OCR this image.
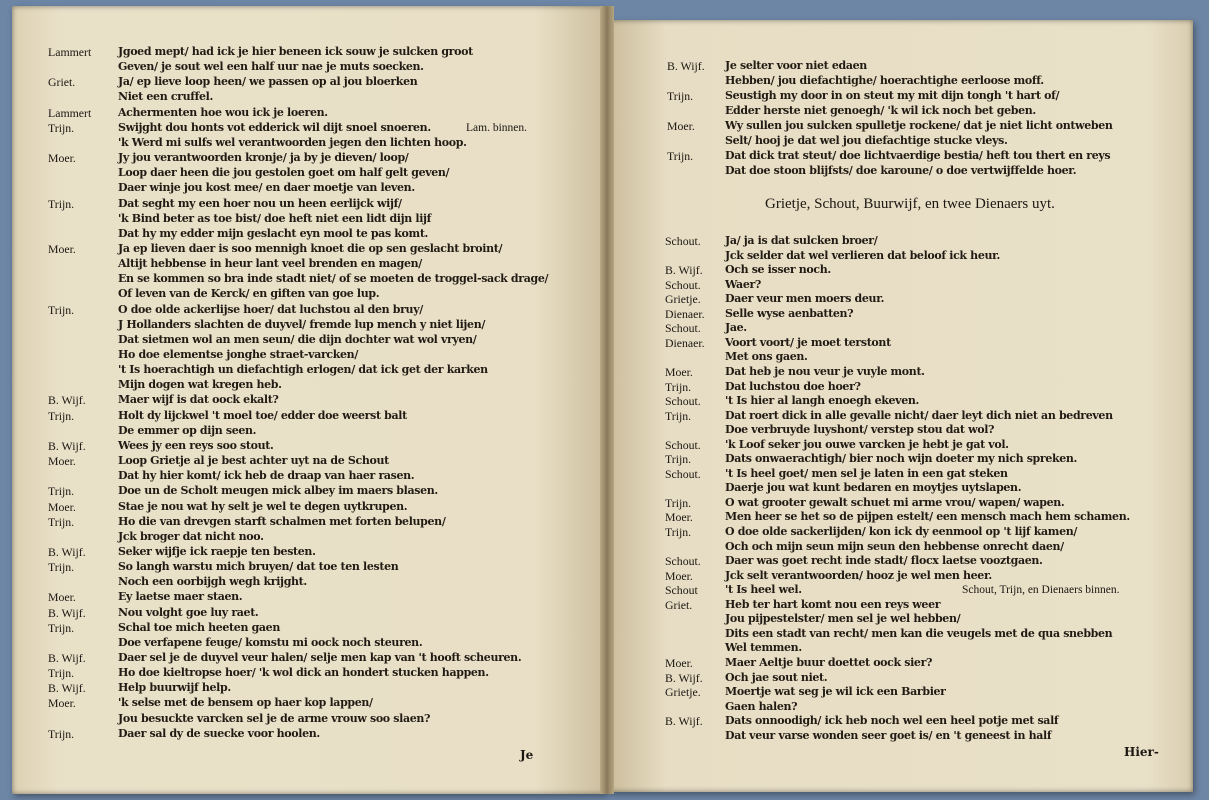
Lammert Jgoed mept/ had ick je hier beneen ick souw je sulcken groot
Geven/ je sout wel een half uur nae je muts soecken.
Griet.	Ja/ ep lieve loop heen/ we passen op al jou bloerken
Niet een cruffel.
Lammert Achermenten hoe wou ick je loeren.
Trijn.	Swijght dou honts vot edderick wil dijt snoel snoeren.	Lam. binnen.
'k Werd mi sulfs wel verantwoorden jegen den lichten hoop.
Moer.	Jy jou verantwoorden kronje/ ja by je dieven/ loop/
Loop daer heen die jou gestolen goet om half gelt geven/
Daer winje jou kost mee/ en daer moetje van leven.
Trijn.	Dat seght my een hoer nou un heen eerlijck wijf/
'k Bind beter as toe bist/ doe heft niet een lidt dijn lijf
Dat hy my edder mijn geslacht eyn mool te pas komt.
Moer.	Ja ep lieven daer is soo mennigh knoet die op sen geslacht broint/
Altijt hebbense in heur lant veel brenden en magen/
En se kommen so bra inde stadt niet/ of se moeten de troggel-sack drage/
Of leven van de Kerck/ en giften van goe lup.
Trijn.	O doe olde ackerlijse hoer/ dat luchstou al den bruy/
J Hollanders slachten de duyvel/ fremde lup mench y niet lijen/
Dat sietmen wol an men seun/ die dijn dochter wat wol vryen/
Ho doe elementse jonghe straet-varcken/
't Is hoerachtigh un diefachtigh erlogen/ dat ick get der karken
Mijn dogen wat kregen heb.
B. Wijf.	Maer wijf is dat oock ekalt?
Trijn.	Holt dy lijckwel 't moel toe/ edder doe weerst balt
De emmer op dijn seen.
B. Wijf.	Wees jy een reys soo stout.
Moer.	Loop Grietje al je best achter uyt na de Schout
Dat hy hier komt/ ick heb de draap van haer rasen.
Trijn.	Doe un de Scholt meugen mick albey im maers blasen.
Moer.	Stae je nou wat hy selt je wel te degen uytkrupen.
Trijn.	Ho die van drevgen starft schalmen met forten belupen/
Jck broger dat nicht noo.
B. Wijf.	Seker wijfje ick raepje ten besten.
Trijn.	So langh warstu mich bruyen/ dat toe ten lesten
Noch een oorbijgh wegh krijght.
Moer.	Ey laetse maer staen.
B. Wijf.	Nou volght goe luy raet.
Trijn.	Schal toe mich heeten gaen
Doe verfapene feuge/ komstu mi oock noch steuren.
B. Wijf.	Daer sel je de duyvel veur halen/ selje men kap van 't hooft scheuren.
Trijn.	Ho doe kieltropse hoer/ 'k wol dick an hondert stucken happen.
B. Wijf.	Help buurwijf help.
Moer.	'k selse met de bensem op haer kop lappen/
Jou besuckte varcken sel je de arme vrouw soo slaen?
Trijn.	Daer sal dy de suecke voor hoolen.
B. Wijf. Je selter voor niet edaen
Hebben/ jou diefachtighe/ hoerachtighe eerloose moff.
Trijn.	Seustigh my door in on steut my mit dijn tongh 't hart of/
Edder herste niet genoegh/ 'k wil ick noch bet geben.
Moer.	Wy sullen jou sulcken spulletje rockene/ dat je niet licht ontweben
Selt/ hooj je dat wel jou diefachtige stucke vleys.
Trijn.	Dat dick trat steut/ doe lichtvaerdige bestia/ heft tou thert en reys
Dat doe stoon blijfsts/ doe karoune/ o doe vertwijffelde hoer.
Grietje, Schout, Buurwijf, en twee Dienaers uyt.
Schout. Ja/ ja is dat sulcken broer/
Jck selder dat wel verlieren dat beloof ick heur.
B. Wijf. Och se isser noch.
Schout. Waer?
Grietje. Daer veur men moers deur.
Dienaer. Selle wyse aenbatten?
Schout. Jae.
Dienaer. Voort voort/ je moet terstont
Met ons gaen.
Moer.	Dat heb je nou veur je vuyle mont.
Trijn.	Dat luchstou doe hoer?
Schout. 't Is hier al langh enoegh ekeven.
Trijn.	Dat roert dick in alle gevalle nicht/ daer leyt dich niet an bedreven
Doe verbruyde luyshont/ verstep stou dat wol?
Schout. 'k Loof seker jou ouwe varcken je hebt je gat vol.
Trijn.	Dats onwaerachtigh/ bier noch wijn doeter my nich spreken.
Schout. 't Is heel goet/ men sel je laten in een gat steken
Daerje jou wat kunt bedaren en moytjes uytslapen.
Trijn.	O wat grooter gewalt schuet mi arme vrou/ wapen/ wapen.
Moer.	Men heer se het so de pijpen estelt/ een mensch mach hem schamen.
Trijn.	O doe olde sackerlijden/ kon ick dy eenmool op 't lijf kamen/
Och och mijn seun mijn seun den hebbense onrecht daen/
Schout. Daer was goet recht inde stadt/ flocx laetse vooztgaen.
Moer.	Jck selt verantwoorden/ hooz je wel men heer.
Schout 't Is heel wel.	Schout, Trijn, en Dienaers binnen.
Griet.	Heb ter hart komt nou een reys weer
Jou pijpestelster/ men sel je wel hebben/
Dits een stadt van recht/ men kan die veugels met de qua snebben
Wel temmen.
Moer.	Maer Aeltje buur doettet oock sier?
B. Wijf. Och jae sout niet.
Grietje. Moertje wat seg je wil ick een Barbier
Gaen halen?
B. Wijf. Dats onnoodigh/ ick heb noch wel een heel potje met salf
Dat veur varse wonden seer goet is/ en 't geneest in half
Je	Hier-
